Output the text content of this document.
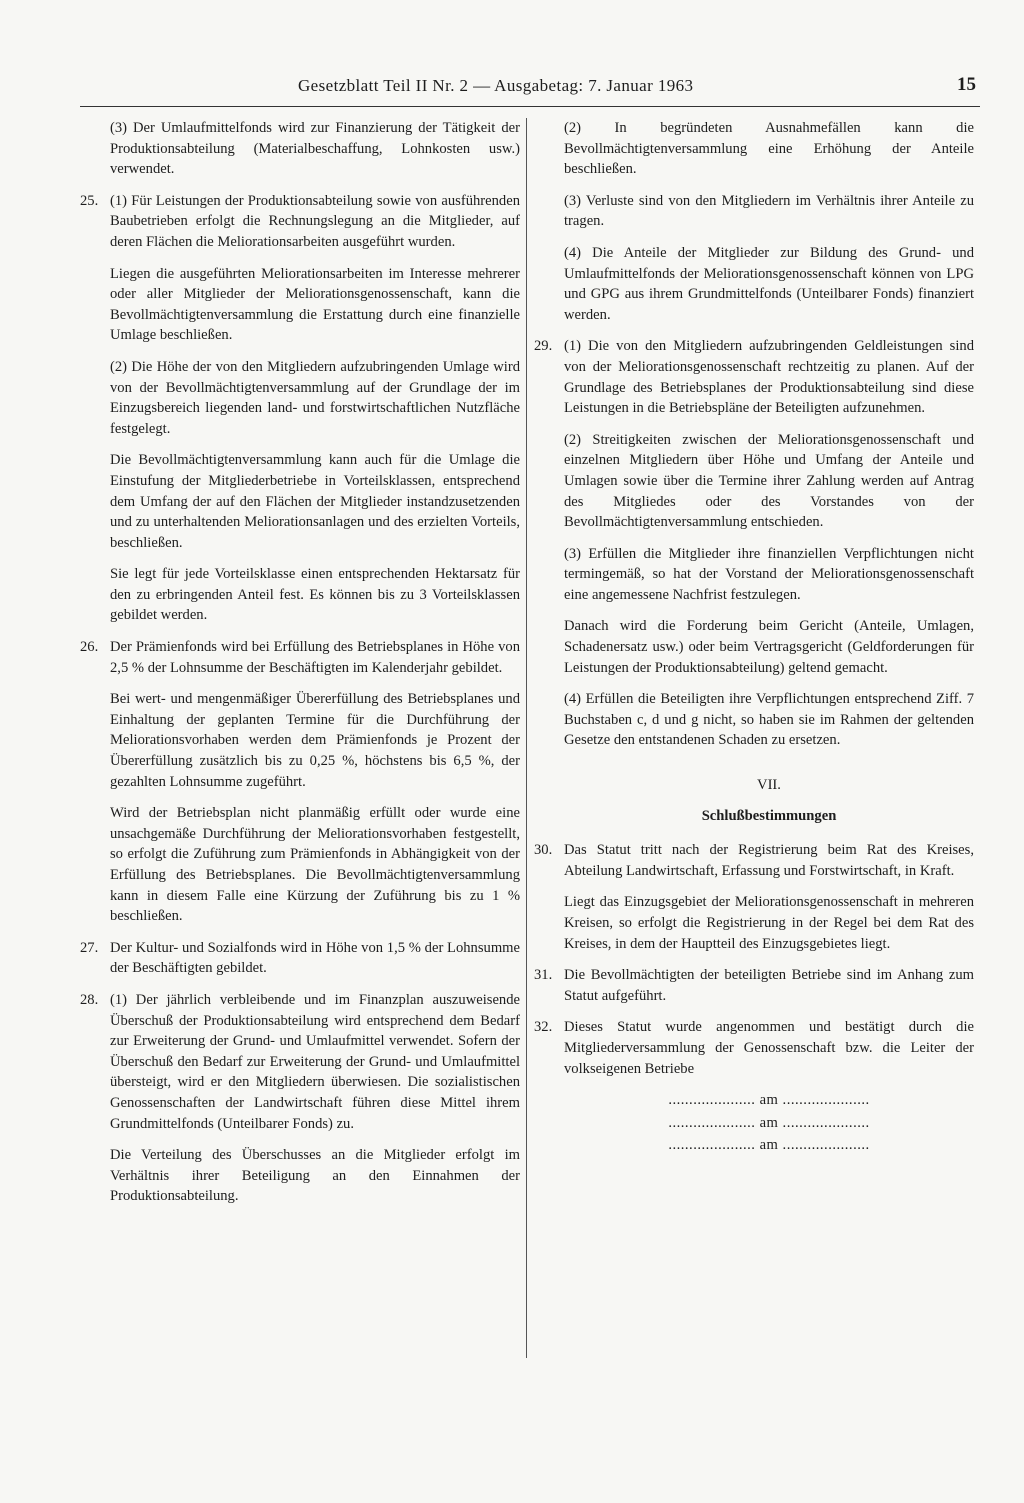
Gesetzblatt Teil II Nr. 2 — Ausgabetag: 7. Januar 1963	15
(3) Der Umlaufmittelfonds wird zur Finanzierung der Tätigkeit der Produktionsabteilung (Materialbeschaffung, Lohnkosten usw.) verwendet.
25. (1) Für Leistungen der Produktionsabteilung sowie von ausführenden Baubetrieben erfolgt die Rechnungslegung an die Mitglieder, auf deren Flächen die Meliorationsarbeiten ausgeführt wurden.
Liegen die ausgeführten Meliorationsarbeiten im Interesse mehrerer oder aller Mitglieder der Meliorationsgenossenschaft, kann die Bevollmächtigtenversammlung die Erstattung durch eine finanzielle Umlage beschließen.
(2) Die Höhe der von den Mitgliedern aufzubringenden Umlage wird von der Bevollmächtigtenversammlung auf der Grundlage der im Einzugsbereich liegenden land- und forstwirtschaftlichen Nutzfläche festgelegt.
Die Bevollmächtigtenversammlung kann auch für die Umlage die Einstufung der Mitgliederbetriebe in Vorteilsklassen, entsprechend dem Umfang der auf den Flächen der Mitglieder instandzusetzenden und zu unterhaltenden Meliorationsanlagen und des erzielten Vorteils, beschließen.
Sie legt für jede Vorteilsklasse einen entsprechenden Hektarsatz für den zu erbringenden Anteil fest. Es können bis zu 3 Vorteilsklassen gebildet werden.
26. Der Prämienfonds wird bei Erfüllung des Betriebsplanes in Höhe von 2,5 % der Lohnsumme der Beschäftigten im Kalenderjahr gebildet.
Bei wert- und mengenmäßiger Übererfüllung des Betriebsplanes und Einhaltung der geplanten Termine für die Durchführung der Meliorationsvorhaben werden dem Prämienfonds je Prozent der Übererfüllung zusätzlich bis zu 0,25 %, höchstens bis 6,5 %, der gezahlten Lohnsumme zugeführt.
Wird der Betriebsplan nicht planmäßig erfüllt oder wurde eine unsachgemäße Durchführung der Meliorationsvorhaben festgestellt, so erfolgt die Zuführung zum Prämienfonds in Abhängigkeit von der Erfüllung des Betriebsplanes. Die Bevollmächtigtenversammlung kann in diesem Falle eine Kürzung der Zuführung bis zu 1 % beschließen.
27. Der Kultur- und Sozialfonds wird in Höhe von 1,5 % der Lohnsumme der Beschäftigten gebildet.
28. (1) Der jährlich verbleibende und im Finanzplan auszuweisende Überschuß der Produktionsabteilung wird entsprechend dem Bedarf zur Erweiterung der Grund- und Umlaufmittel verwendet. Sofern der Überschuß den Bedarf zur Erweiterung der Grund- und Umlaufmittel übersteigt, wird er den Mitgliedern überwiesen. Die sozialistischen Genossenschaften der Landwirtschaft führen diese Mittel ihrem Grundmittelfonds (Unteilbarer Fonds) zu.
Die Verteilung des Überschusses an die Mitglieder erfolgt im Verhältnis ihrer Beteiligung an den Einnahmen der Produktionsabteilung.
(2) In begründeten Ausnahmefällen kann die Bevollmächtigtenversammlung eine Erhöhung der Anteile beschließen.
(3) Verluste sind von den Mitgliedern im Verhältnis ihrer Anteile zu tragen.
(4) Die Anteile der Mitglieder zur Bildung des Grund- und Umlaufmittelfonds der Meliorationsgenossenschaft können von LPG und GPG aus ihrem Grundmittelfonds (Unteilbarer Fonds) finanziert werden.
29. (1) Die von den Mitgliedern aufzubringenden Geldleistungen sind von der Meliorationsgenossenschaft rechtzeitig zu planen. Auf der Grundlage des Betriebsplanes der Produktionsabteilung sind diese Leistungen in die Betriebspläne der Beteiligten aufzunehmen.
(2) Streitigkeiten zwischen der Meliorationsgenossenschaft und einzelnen Mitgliedern über Höhe und Umfang der Anteile und Umlagen sowie über die Termine ihrer Zahlung werden auf Antrag des Mitgliedes oder des Vorstandes von der Bevollmächtigtenversammlung entschieden.
(3) Erfüllen die Mitglieder ihre finanziellen Verpflichtungen nicht termingemäß, so hat der Vorstand der Meliorationsgenossenschaft eine angemessene Nachfrist festzulegen.
Danach wird die Forderung beim Gericht (Anteile, Umlagen, Schadenersatz usw.) oder beim Vertragsgericht (Geldforderungen für Leistungen der Produktionsabteilung) geltend gemacht.
(4) Erfüllen die Beteiligten ihre Verpflichtungen entsprechend Ziff. 7 Buchstaben c, d und g nicht, so haben sie im Rahmen der geltenden Gesetze den entstandenen Schaden zu ersetzen.
VII.
Schlußbestimmungen
30. Das Statut tritt nach der Registrierung beim Rat des Kreises, Abteilung Landwirtschaft, Erfassung und Forstwirtschaft, in Kraft.
Liegt das Einzugsgebiet der Meliorationsgenossenschaft in mehreren Kreisen, so erfolgt die Registrierung in der Regel bei dem Rat des Kreises, in dem der Hauptteil des Einzugsgebietes liegt.
31. Die Bevollmächtigten der beteiligten Betriebe sind im Anhang zum Statut aufgeführt.
32. Dieses Statut wurde angenommen und bestätigt durch die Mitgliederversammlung der Genossenschaft bzw. die Leiter der volkseigenen Betriebe
..................... am .....................
..................... am .....................
..................... am .....................
